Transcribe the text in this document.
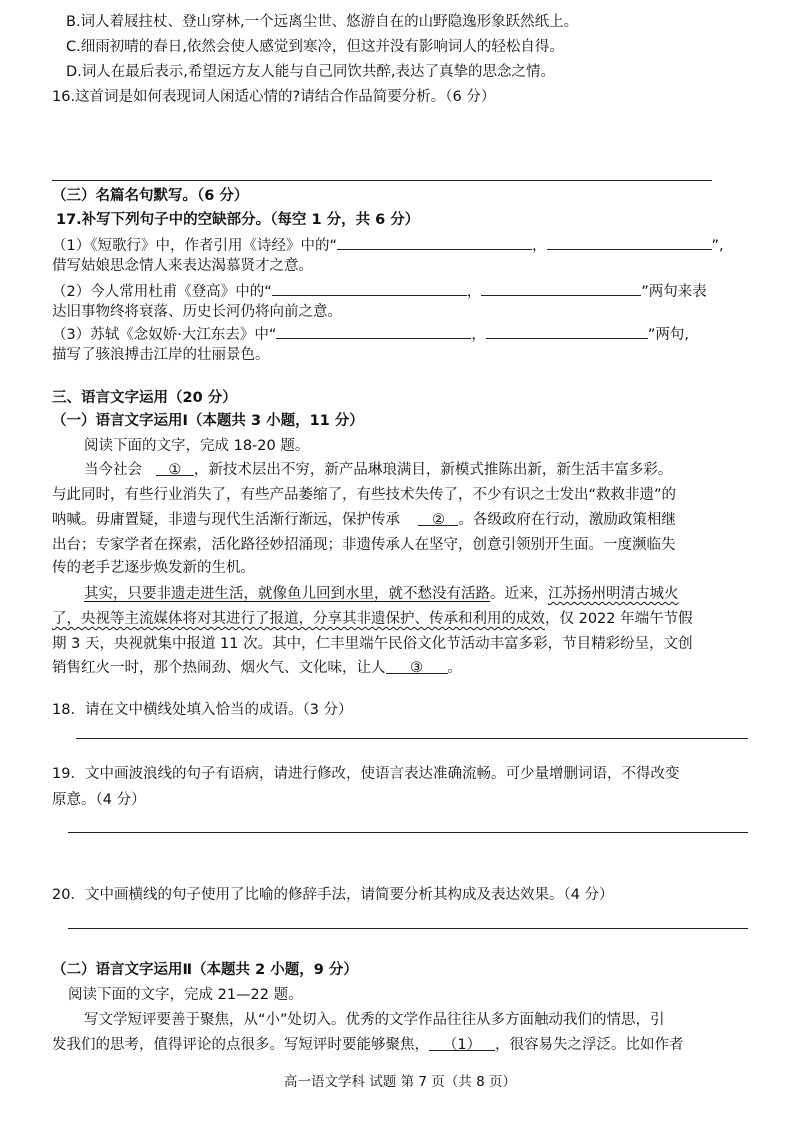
B.词人着屐拄杖、登山穿林,一个远离尘世、悠游自在的山野隐逸形象跃然纸上。
C.细雨初晴的春日,依然会使人感觉到寒冷，但这并没有影响词人的轻松自得。
D.词人在最后表示,希望远方友人能与自己同饮共醉,表达了真挚的思念之情。
16.这首词是如何表现词人闲适心情的?请结合作品简要分析。（6 分）
（三）名篇名句默写。（6 分）
17.补写下列句子中的空缺部分。（每空 1 分，共 6 分）
（1）《短歌行》中，作者引用《诗经》中的“	，	”,
借写姑娘思念情人来表达渴慕贤才之意。
（2）今人常用杜甫《登高》中的“	，	”两句来表
达旧事物终将衰落、历史长河仍将向前之意。
（3）苏轼《念奴娇·大江东去》中“	，	”两句,
描写了骇浪搏击江岸的壮丽景色。
三、语言文字运用（20 分）
（一）语言文字运用Ⅰ（本题共 3 小题，11 分）
阅读下面的文字，完成 18-20 题。
当今社会 ① ，新技术层出不穷，新产品琳琅满目，新模式推陈出新，新生活丰富多彩。
与此同时，有些行业消失了，有些产品萎缩了，有些技术失传了，不少有识之士发出“救救非遗”的
呐喊。毋庸置疑，非遗与现代生活渐行渐远，保护传承 ② 。各级政府在行动，激励政策相继
出台；专家学者在探索，活化路径妙招涌现；非遗传承人在坚守，创意引领别开生面。一度濒临失
传的老手艺逐步焕发新的生机。
其实，只要非遗走进生活，就像鱼儿回到水里，就不愁没有活路。近来，江苏扬州明清古城火
了，央视等主流媒体将对其进行了报道，分享其非遗保护、传承和利用的成效，仅 2022 年端午节假
期 3 天，央视就集中报道 11 次。其中，仁丰里端午民俗文化节活动丰富多彩，节目精彩纷呈，文创
销售红火一时，那个热闹劲、烟火气、文化味，让人 ③ 。
18．请在文中横线处填入恰当的成语。（3 分）
19．文中画波浪线的句子有语病，请进行修改，使语言表达准确流畅。可少量增删词语，不得改变
原意。（4 分）
20．文中画横线的句子使用了比喻的修辞手法，请简要分析其构成及表达效果。（4 分）
（二）语言文字运用Ⅱ（本题共 2 小题，9 分）
阅读下面的文字，完成 21—22 题。
写文学短评要善于聚焦，从“小”处切入。优秀的文学作品往往从多方面触动我们的情思，引
发我们的思考，值得评论的点很多。写短评时要能够聚焦， （1） ，很容易失之浮泛。比如作者
高一语文学科 试题 第 7 页（共 8 页）
